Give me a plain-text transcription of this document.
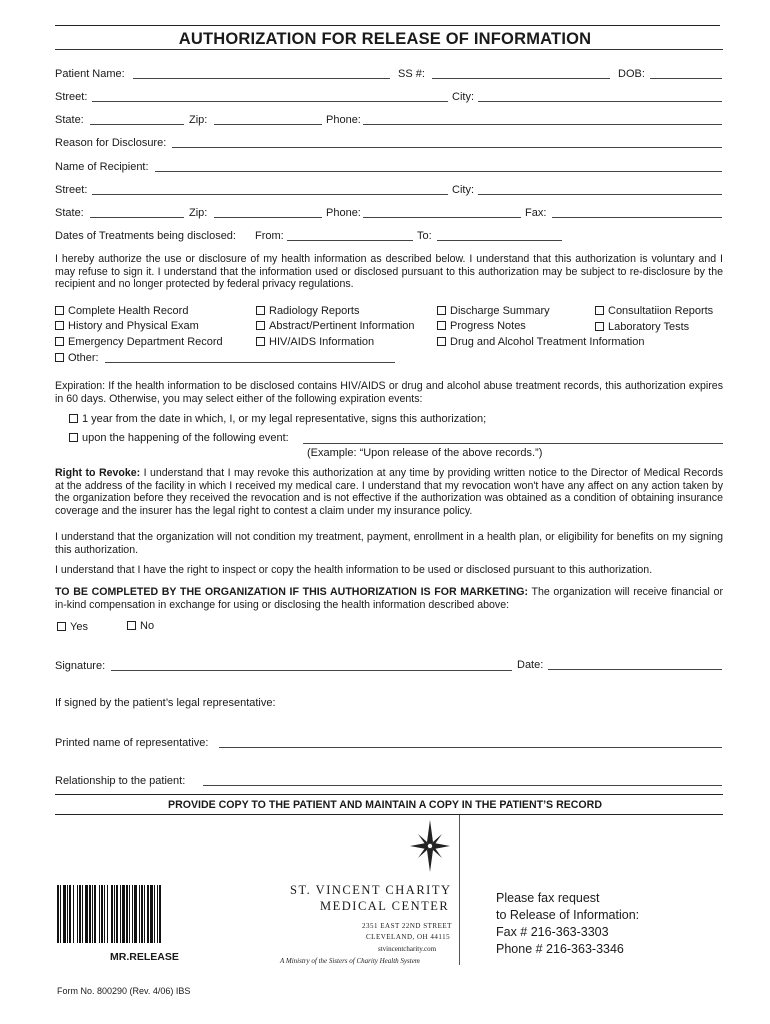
AUTHORIZATION FOR RELEASE OF INFORMATION
Patient Name:	SS #:	DOB:
Street:	City:
State:	Zip:	Phone:
Reason for Disclosure:
Name of Recipient:
Street:	City:
State:	Zip:	Phone:	Fax:
Dates of Treatments being disclosed: From:	To:
I hereby authorize the use or disclosure of my health information as described below. I understand that this authorization is voluntary and I may refuse to sign it. I understand that the information used or disclosed pursuant to this authorization may be subject to re-disclosure by the recipient and no longer protected by federal privacy regulations.
Complete Health Record
History and Physical Exam
Emergency Department Record
Other:
Radiology Reports
Abstract/Pertinent Information
HIV/AIDS Information
Discharge Summary
Progress Notes
Drug and Alcohol Treatment Information
Consultatiion Reports
Laboratory Tests
Expiration: If the health information to be disclosed contains HIV/AIDS or drug and alcohol abuse treatment records, this authorization expires in 60 days. Otherwise, you may select either of the following expiration events:
1 year from the date in which, I, or my legal representative, signs this authorization;
upon the happening of the following event:
(Example: “Upon release of the above records.”)
Right to Revoke: I understand that I may revoke this authorization at any time by providing written notice to the Director of Medical Records at the address of the facility in which I received my medical care. I understand that my revocation won't have any affect on any action taken by the organization before they received the revocation and is not effective if the authorization was obtained as a condition of obtaining insurance coverage and the insurer has the legal right to contest a claim under my insurance policy.
I understand that the organization will not condition my treatment, payment, enrollment in a health plan, or eligibility for benefits on my signing this authorization.
I understand that I have the right to inspect or copy the health information to be used or disclosed pursuant to this authorization.
TO BE COMPLETED BY THE ORGANIZATION IF THIS AUTHORIZATION IS FOR MARKETING: The organization will receive financial or in-kind compensation in exchange for using or disclosing the health information described above:
Yes	No
Signature:	Date:
If signed by the patient’s legal representative:
Printed name of representative:
Relationship to the patient:
PROVIDE COPY TO THE PATIENT AND MAINTAIN A COPY IN THE PATIENT’S RECORD
ST. VINCENT CHARITY
MEDICAL CENTER
2351 EAST 22ND STREET
CLEVELAND, OH 44115
stvincentcharity.com
A Ministry of the Sisters of Charity Health System
Please fax request
to Release of Information:
Fax # 216-363-3303
Phone # 216-363-3346
MR.RELEASE
Form No. 800290 (Rev. 4/06) IBS
